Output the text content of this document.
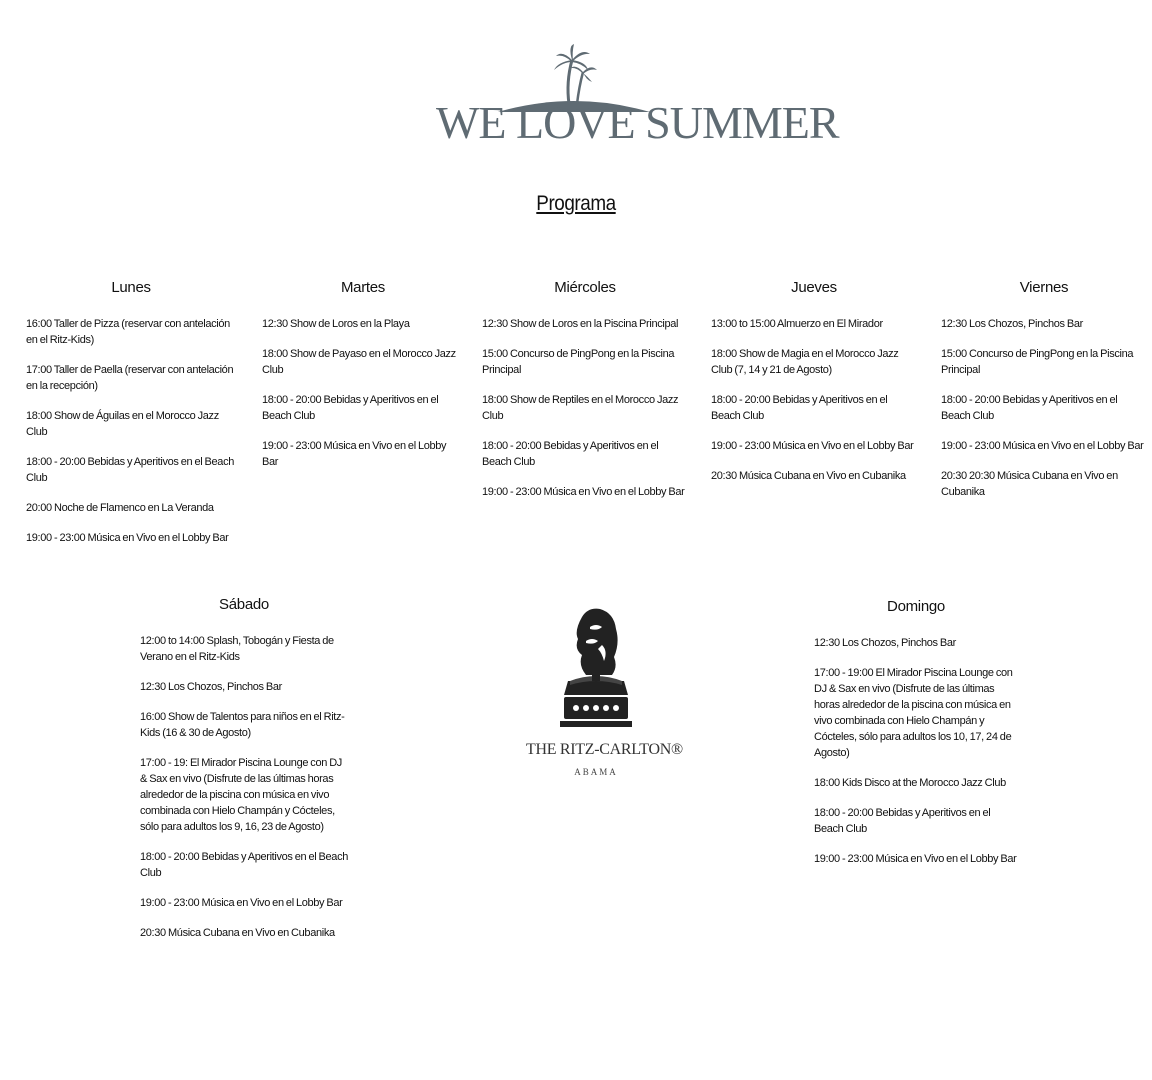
WE LOVE SUMMER
Programa
Lunes
16:00 Taller de Pizza (reservar con antelación en el Ritz-Kids)
17:00 Taller de Paella (reservar con antelación en la recepción)
18:00 Show de Águilas en el Morocco Jazz Club
18:00 - 20:00 Bebidas y Aperitivos en el Beach Club
20:00 Noche de Flamenco en La Veranda
19:00 - 23:00 Música en Vivo en el Lobby Bar
Martes
12:30 Show de Loros en la Playa
18:00 Show de Payaso en el Morocco Jazz Club
18:00 - 20:00 Bebidas y Aperitivos en el Beach Club
19:00 - 23:00 Música en Vivo en el Lobby Bar
Miércoles
12:30 Show de Loros en la Piscina Principal
15:00 Concurso de PingPong en la Piscina Principal
18:00 Show de Reptiles en el Morocco Jazz Club
18:00 - 20:00 Bebidas y Aperitivos en el Beach Club
19:00 - 23:00 Música en Vivo en el Lobby Bar
Jueves
13:00 to 15:00 Almuerzo en El Mirador
18:00 Show de Magia en el Morocco Jazz Club (7, 14 y 21 de Agosto)
18:00 - 20:00 Bebidas y Aperitivos en el Beach Club
19:00 - 23:00 Música en Vivo en el Lobby Bar
20:30 Música Cubana en Vivo en Cubanika
Viernes
12:30 Los Chozos, Pinchos Bar
15:00 Concurso de PingPong en la Piscina Principal
18:00 - 20:00 Bebidas y Aperitivos en el Beach Club
19:00 - 23:00 Música en Vivo en el Lobby Bar
20:30 20:30 Música Cubana en Vivo en Cubanika
Sábado
12:00 to 14:00 Splash, Tobogán y Fiesta de Verano en el Ritz-Kids
12:30 Los Chozos, Pinchos Bar
16:00 Show de Talentos para niños en el Ritz-Kids (16 & 30 de Agosto)
17:00 - 19: El Mirador Piscina Lounge con DJ & Sax en vivo (Disfrute de las últimas horas alrededor de la piscina con música en vivo combinada con Hielo Champán y Cócteles, sólo para adultos los 9, 16, 23 de Agosto)
18:00 - 20:00 Bebidas y Aperitivos en el Beach Club
19:00 - 23:00 Música en Vivo en el Lobby Bar
20:30 Música Cubana en Vivo en Cubanika
THE RITZ-CARLTON®
ABAMA
Domingo
12:30 Los Chozos, Pinchos Bar
17:00 - 19:00 El Mirador Piscina Lounge con DJ & Sax en vivo (Disfrute de las últimas horas alrededor de la piscina con música en vivo combinada con Hielo Champán y Cócteles, sólo para adultos los 10, 17, 24 de Agosto)
18:00 Kids Disco at the Morocco Jazz Club
18:00 - 20:00 Bebidas y Aperitivos en el Beach Club
19:00 - 23:00 Música en Vivo en el Lobby Bar
